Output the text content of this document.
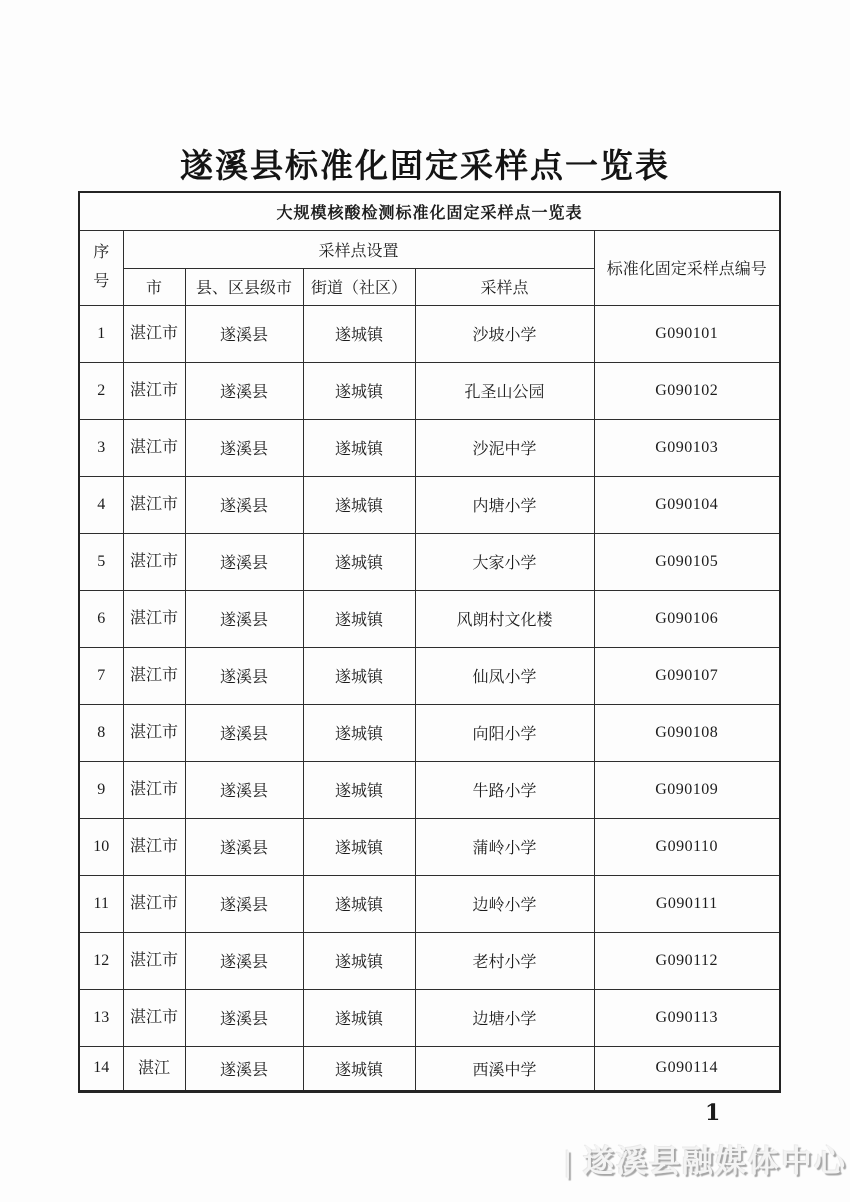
遂溪县标准化固定采样点一览表
大规模核酸检测标准化固定采样点一览表					
序号	采样点设置				标准化固定采样点编号
	市	县、区县级市	街道（社区）	采样点	
1	湛江市	遂溪县	遂城镇	沙坡小学	G090101
2	湛江市	遂溪县	遂城镇	孔圣山公园	G090102
3	湛江市	遂溪县	遂城镇	沙泥中学	G090103
4	湛江市	遂溪县	遂城镇	内塘小学	G090104
5	湛江市	遂溪县	遂城镇	大家小学	G090105
6	湛江市	遂溪县	遂城镇	风朗村文化楼	G090106
7	湛江市	遂溪县	遂城镇	仙凤小学	G090107
8	湛江市	遂溪县	遂城镇	向阳小学	G090108
9	湛江市	遂溪县	遂城镇	牛路小学	G090109
10	湛江市	遂溪县	遂城镇	蒲岭小学	G090110
11	湛江市	遂溪县	遂城镇	边岭小学	G090111
12	湛江市	遂溪县	遂城镇	老村小学	G090112
13	湛江市	遂溪县	遂城镇	边塘小学	G090113
14	湛江	遂溪县	遂城镇	西溪中学	G090114
1
| 遂溪县融媒体中心
